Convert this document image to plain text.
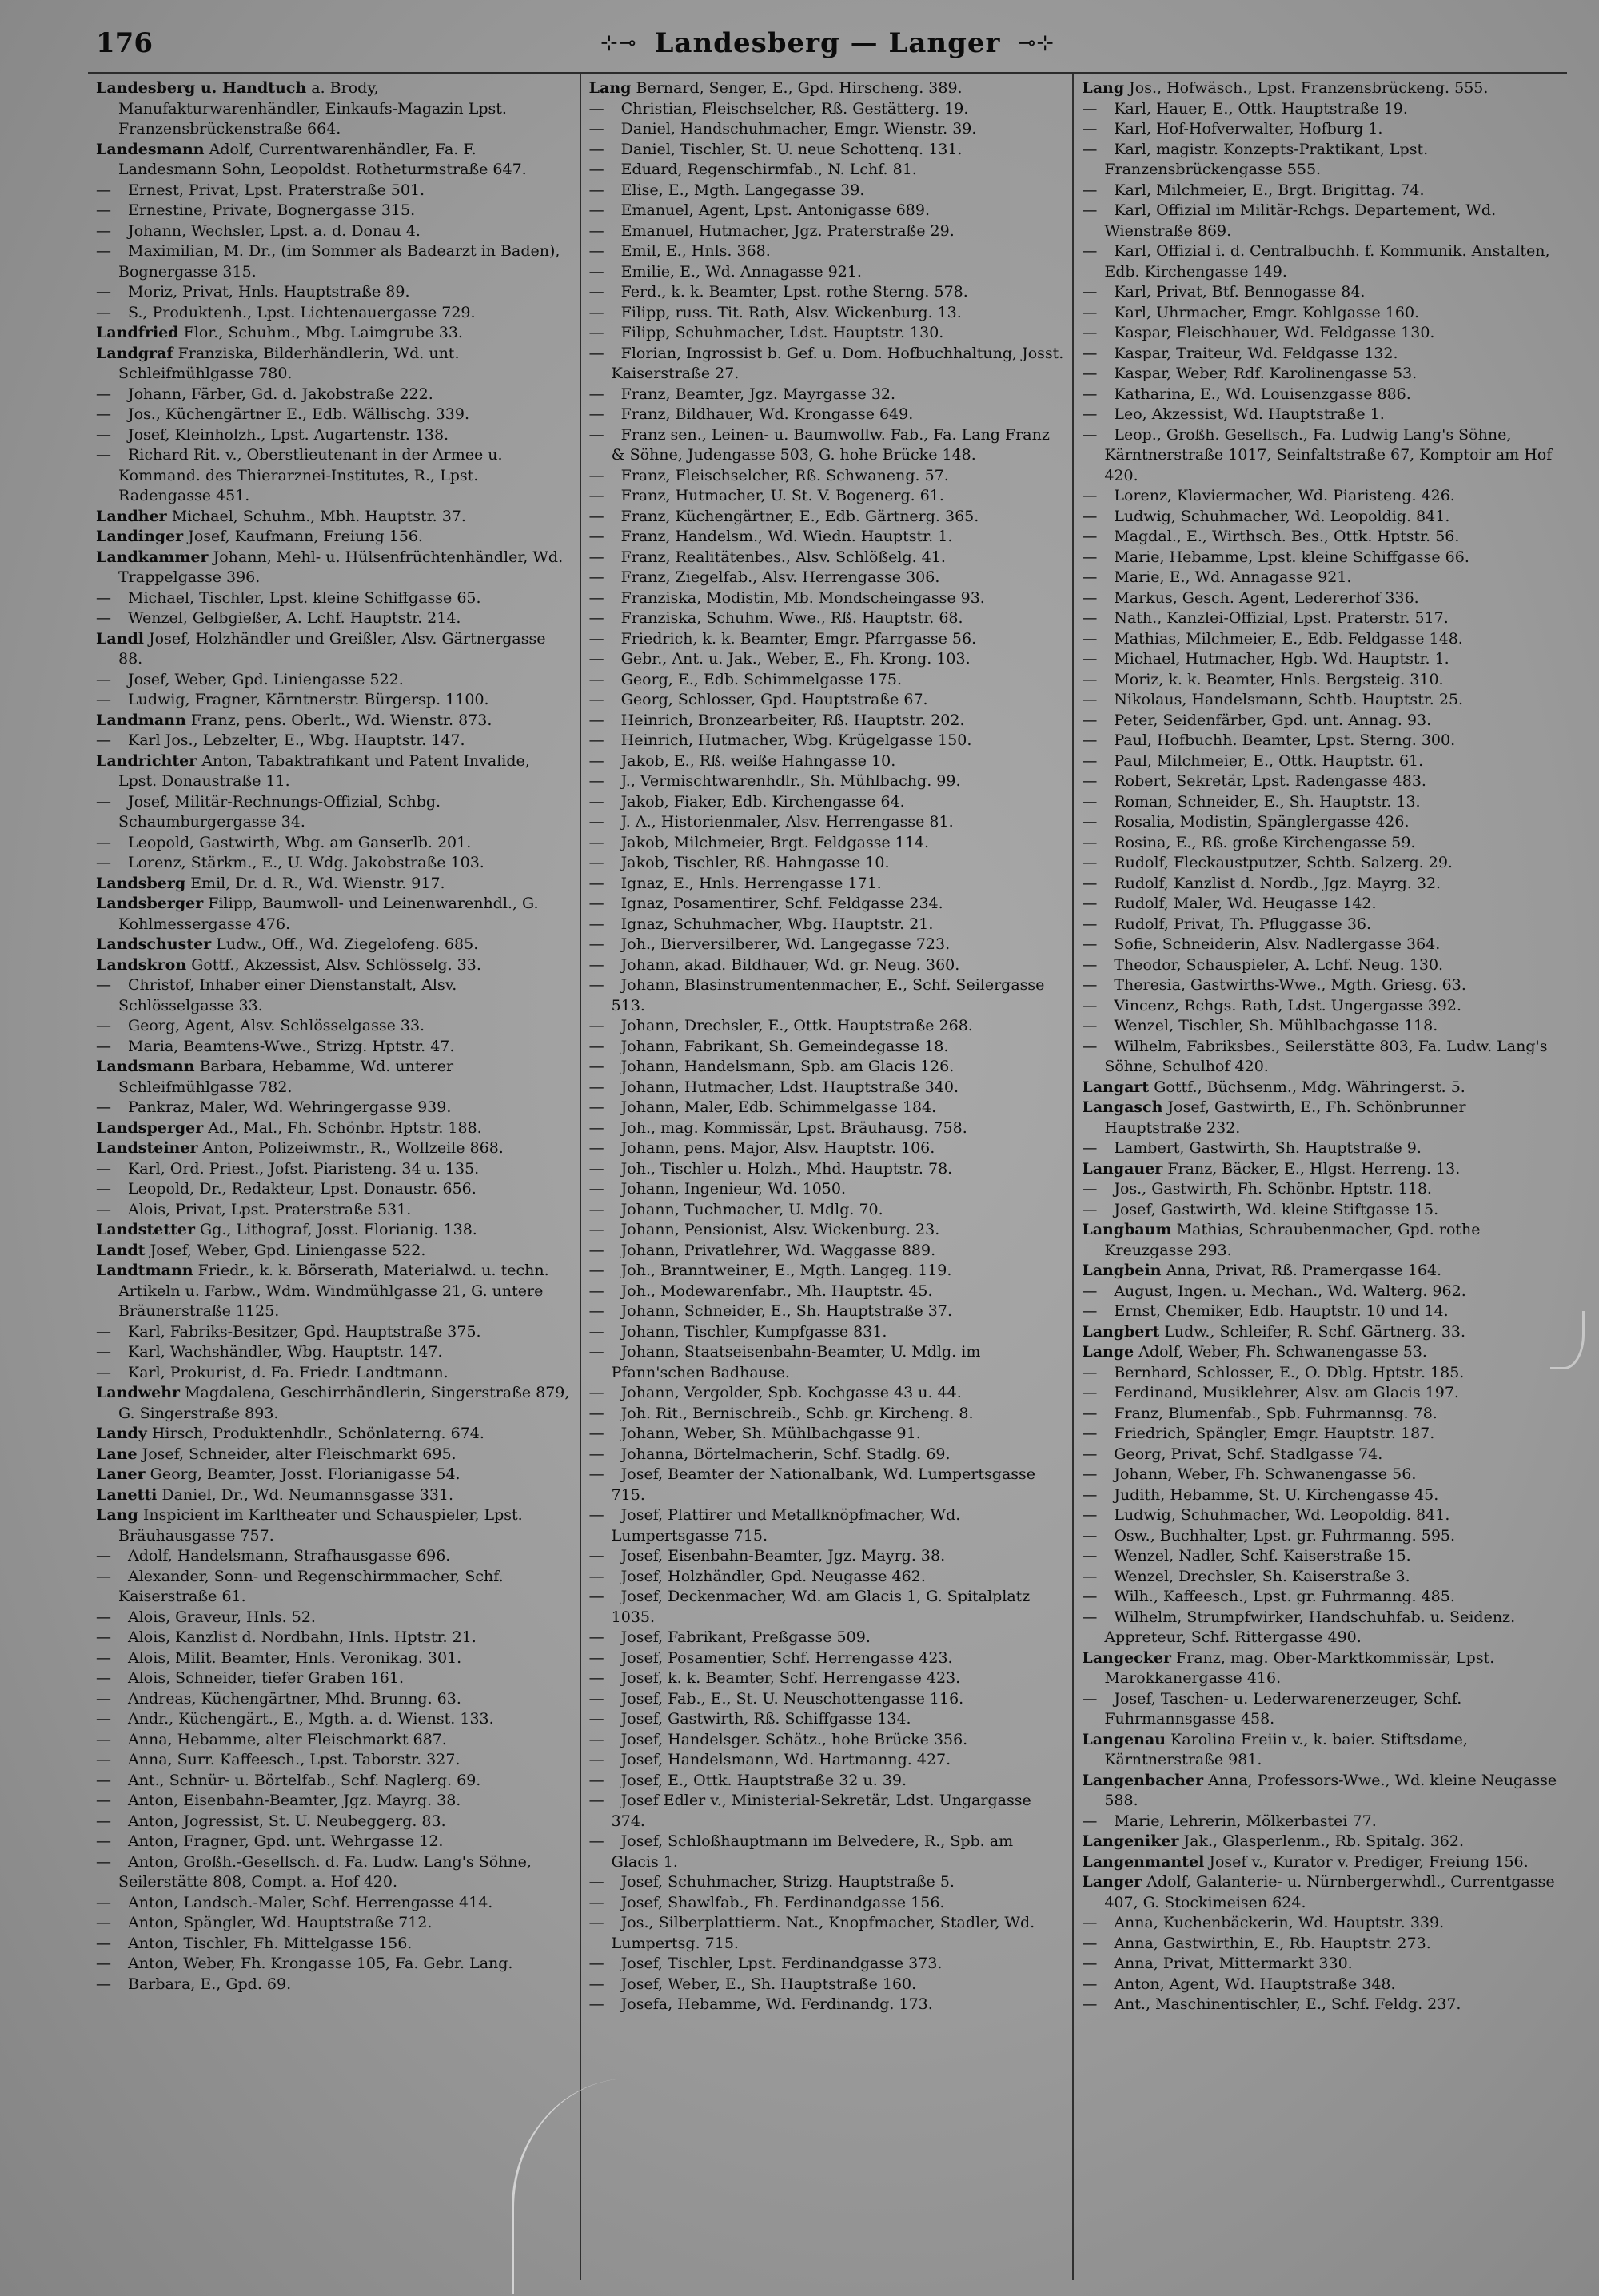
176	⊹⊸ Landesberg — Langer ⊸⊹
Landesberg u. Handtuch a. Brody, Manufakturwarenhändler, Einkaufs-Magazin Lpst. Franzensbrückenstraße 664.
Landesmann Adolf, Currentwarenhändler, Fa. F. Landesmann Sohn, Leopoldst. Rotheturmstraße 647.
— Ernest, Privat, Lpst. Praterstraße 501.
— Ernestine, Private, Bognergasse 315.
— Johann, Wechsler, Lpst. a. d. Donau 4.
— Maximilian, M. Dr., (im Sommer als Badearzt in Baden), Bognergasse 315.
— Moriz, Privat, Hnls. Hauptstraße 89.
— S., Produktenh., Lpst. Lichtenauergasse 729.
Landfried Flor., Schuhm., Mbg. Laimgrube 33.
Landgraf Franziska, Bilderhändlerin, Wd. unt. Schleifmühlgasse 780.
— Johann, Färber, Gd. d. Jakobstraße 222.
— Jos., Küchengärtner E., Edb. Wällischg. 339.
— Josef, Kleinholzh., Lpst. Augartenstr. 138.
— Richard Rit. v., Oberstlieutenant in der Armee u. Kommand. des Thierarznei-Institutes, R., Lpst. Radengasse 451.
Landher Michael, Schuhm., Mbh. Hauptstr. 37.
Landinger Josef, Kaufmann, Freiung 156.
Landkammer Johann, Mehl- u. Hülsenfrüchtenhändler, Wd. Trappelgasse 396.
— Michael, Tischler, Lpst. kleine Schiffgasse 65.
— Wenzel, Gelbgießer, A. Lchf. Hauptstr. 214.
Landl Josef, Holzhändler und Greißler, Alsv. Gärtnergasse 88.
— Josef, Weber, Gpd. Liniengasse 522.
— Ludwig, Fragner, Kärntnerstr. Bürgersp. 1100.
Landmann Franz, pens. Oberlt., Wd. Wienstr. 873.
— Karl Jos., Lebzelter, E., Wbg. Hauptstr. 147.
Landrichter Anton, Tabaktrafikant und Patent Invalide, Lpst. Donaustraße 11.
— Josef, Militär-Rechnungs-Offizial, Schbg. Schaumburgergasse 34.
— Leopold, Gastwirth, Wbg. am Ganserlb. 201.
— Lorenz, Stärkm., E., U. Wdg. Jakobstraße 103.
Landsberg Emil, Dr. d. R., Wd. Wienstr. 917.
Landsberger Filipp, Baumwoll- und Leinenwarenhdl., G. Kohlmessergasse 476.
Landschuster Ludw., Off., Wd. Ziegelofeng. 685.
Landskron Gottf., Akzessist, Alsv. Schlösselg. 33.
— Christof, Inhaber einer Dienstanstalt, Alsv. Schlösselgasse 33.
— Georg, Agent, Alsv. Schlösselgasse 33.
— Maria, Beamtens-Wwe., Strizg. Hptstr. 47.
Landsmann Barbara, Hebamme, Wd. unterer Schleifmühlgasse 782.
— Pankraz, Maler, Wd. Wehringergasse 939.
Landsperger Ad., Mal., Fh. Schönbr. Hptstr. 188.
Landsteiner Anton, Polizeiwmstr., R., Wollzeile 868.
— Karl, Ord. Priest., Jofst. Piaristeng. 34 u. 135.
— Leopold, Dr., Redakteur, Lpst. Donaustr. 656.
— Alois, Privat, Lpst. Praterstraße 531.
Landstetter Gg., Lithograf, Josst. Florianig. 138.
Landt Josef, Weber, Gpd. Liniengasse 522.
Landtmann Friedr., k. k. Börserath, Materialwd. u. techn. Artikeln u. Farbw., Wdm. Windmühlgasse 21, G. untere Bräunerstraße 1125.
— Karl, Fabriks-Besitzer, Gpd. Hauptstraße 375.
— Karl, Wachshändler, Wbg. Hauptstr. 147.
— Karl, Prokurist, d. Fa. Friedr. Landtmann.
Landwehr Magdalena, Geschirrhändlerin, Singerstraße 879, G. Singerstraße 893.
Landy Hirsch, Produktenhdlr., Schönlaterng. 674.
Lane Josef, Schneider, alter Fleischmarkt 695.
Laner Georg, Beamter, Josst. Florianigasse 54.
Lanetti Daniel, Dr., Wd. Neumannsgasse 331.
Lang Inspicient im Karltheater und Schauspieler, Lpst. Bräuhausgasse 757.
— Adolf, Handelsmann, Strafhausgasse 696.
— Alexander, Sonn- und Regenschirmmacher, Schf. Kaiserstraße 61.
— Alois, Graveur, Hnls. 52.
— Alois, Kanzlist d. Nordbahn, Hnls. Hptstr. 21.
— Alois, Milit. Beamter, Hnls. Veronikag. 301.
— Alois, Schneider, tiefer Graben 161.
— Andreas, Küchengärtner, Mhd. Brunng. 63.
— Andr., Küchengärt., E., Mgth. a. d. Wienst. 133.
— Anna, Hebamme, alter Fleischmarkt 687.
— Anna, Surr. Kaffeesch., Lpst. Taborstr. 327.
— Ant., Schnür- u. Börtelfab., Schf. Naglerg. 69.
— Anton, Eisenbahn-Beamter, Jgz. Mayrg. 38.
— Anton, Jogressist, St. U. Neubeggerg. 83.
— Anton, Fragner, Gpd. unt. Wehrgasse 12.
— Anton, Großh.-Gesellsch. d. Fa. Ludw. Lang's Söhne, Seilerstätte 808, Compt. a. Hof 420.
— Anton, Landsch.-Maler, Schf. Herrengasse 414.
— Anton, Spängler, Wd. Hauptstraße 712.
— Anton, Tischler, Fh. Mittelgasse 156.
— Anton, Weber, Fh. Krongasse 105, Fa. Gebr. Lang.
— Barbara, E., Gpd. 69.
Lang Bernard, Senger, E., Gpd. Hirscheng. 389.
— Christian, Fleischselcher, Rß. Gestätterg. 19.
— Daniel, Handschuhmacher, Emgr. Wienstr. 39.
— Daniel, Tischler, St. U. neue Schottenq. 131.
— Eduard, Regenschirmfab., N. Lchf. 81.
— Elise, E., Mgth. Langegasse 39.
— Emanuel, Agent, Lpst. Antonigasse 689.
— Emanuel, Hutmacher, Jgz. Praterstraße 29.
— Emil, E., Hnls. 368.
— Emilie, E., Wd. Annagasse 921.
— Ferd., k. k. Beamter, Lpst. rothe Sterng. 578.
— Filipp, russ. Tit. Rath, Alsv. Wickenburg. 13.
— Filipp, Schuhmacher, Ldst. Hauptstr. 130.
— Florian, Ingrossist b. Gef. u. Dom. Hofbuchhaltung, Josst. Kaiserstraße 27.
— Franz, Beamter, Jgz. Mayrgasse 32.
— Franz, Bildhauer, Wd. Krongasse 649.
— Franz sen., Leinen- u. Baumwollw. Fab., Fa. Lang Franz & Söhne, Judengasse 503, G. hohe Brücke 148.
— Franz, Fleischselcher, Rß. Schwaneng. 57.
— Franz, Hutmacher, U. St. V. Bogenerg. 61.
— Franz, Küchengärtner, E., Edb. Gärtnerg. 365.
— Franz, Handelsm., Wd. Wiedn. Hauptstr. 1.
— Franz, Realitätenbes., Alsv. Schlößelg. 41.
— Franz, Ziegelfab., Alsv. Herrengasse 306.
— Franziska, Modistin, Mb. Mondscheingasse 93.
— Franziska, Schuhm. Wwe., Rß. Hauptstr. 68.
— Friedrich, k. k. Beamter, Emgr. Pfarrgasse 56.
— Gebr., Ant. u. Jak., Weber, E., Fh. Krong. 103.
— Georg, E., Edb. Schimmelgasse 175.
— Georg, Schlosser, Gpd. Hauptstraße 67.
— Heinrich, Bronzearbeiter, Rß. Hauptstr. 202.
— Heinrich, Hutmacher, Wbg. Krügelgasse 150.
— Jakob, E., Rß. weiße Hahngasse 10.
— J., Vermischtwarenhdlr., Sh. Mühlbachg. 99.
— Jakob, Fiaker, Edb. Kirchengasse 64.
— J. A., Historienmaler, Alsv. Herrengasse 81.
— Jakob, Milchmeier, Brgt. Feldgasse 114.
— Jakob, Tischler, Rß. Hahngasse 10.
— Ignaz, E., Hnls. Herrengasse 171.
— Ignaz, Posamentirer, Schf. Feldgasse 234.
— Ignaz, Schuhmacher, Wbg. Hauptstr. 21.
— Joh., Bierversilberer, Wd. Langegasse 723.
— Johann, akad. Bildhauer, Wd. gr. Neug. 360.
— Johann, Blasinstrumentenmacher, E., Schf. Seilergasse 513.
— Johann, Drechsler, E., Ottk. Hauptstraße 268.
— Johann, Fabrikant, Sh. Gemeindegasse 18.
— Johann, Handelsmann, Spb. am Glacis 126.
— Johann, Hutmacher, Ldst. Hauptstraße 340.
— Johann, Maler, Edb. Schimmelgasse 184.
— Joh., mag. Kommissär, Lpst. Bräuhausg. 758.
— Johann, pens. Major, Alsv. Hauptstr. 106.
— Joh., Tischler u. Holzh., Mhd. Hauptstr. 78.
— Johann, Ingenieur, Wd. 1050.
— Johann, Tuchmacher, U. Mdlg. 70.
— Johann, Pensionist, Alsv. Wickenburg. 23.
— Johann, Privatlehrer, Wd. Waggasse 889.
— Joh., Branntweiner, E., Mgth. Langeg. 119.
— Joh., Modewarenfabr., Mh. Hauptstr. 45.
— Johann, Schneider, E., Sh. Hauptstraße 37.
— Johann, Tischler, Kumpfgasse 831.
— Johann, Staatseisenbahn-Beamter, U. Mdlg. im Pfann'schen Badhause.
— Johann, Vergolder, Spb. Kochgasse 43 u. 44.
— Joh. Rit., Bernischreib., Schb. gr. Kircheng. 8.
— Johann, Weber, Sh. Mühlbachgasse 91.
— Johanna, Börtelmacherin, Schf. Stadlg. 69.
— Josef, Beamter der Nationalbank, Wd. Lumpertsgasse 715.
— Josef, Plattirer und Metallknöpfmacher, Wd. Lumpertsgasse 715.
— Josef, Eisenbahn-Beamter, Jgz. Mayrg. 38.
— Josef, Holzhändler, Gpd. Neugasse 462.
— Josef, Deckenmacher, Wd. am Glacis 1, G. Spitalplatz 1035.
— Josef, Fabrikant, Preßgasse 509.
— Josef, Posamentier, Schf. Herrengasse 423.
— Josef, k. k. Beamter, Schf. Herrengasse 423.
— Josef, Fab., E., St. U. Neuschottengasse 116.
— Josef, Gastwirth, Rß. Schiffgasse 134.
— Josef, Handelsger. Schätz., hohe Brücke 356.
— Josef, Handelsmann, Wd. Hartmanng. 427.
— Josef, E., Ottk. Hauptstraße 32 u. 39.
— Josef Edler v., Ministerial-Sekretär, Ldst. Ungargasse 374.
— Josef, Schloßhauptmann im Belvedere, R., Spb. am Glacis 1.
— Josef, Schuhmacher, Strizg. Hauptstraße 5.
— Josef, Shawlfab., Fh. Ferdinandgasse 156.
— Jos., Silberplattierm. Nat., Knopfmacher, Stadler, Wd. Lumpertsg. 715.
— Josef, Tischler, Lpst. Ferdinandgasse 373.
— Josef, Weber, E., Sh. Hauptstraße 160.
— Josefa, Hebamme, Wd. Ferdinandg. 173.
Lang Jos., Hofwäsch., Lpst. Franzensbrückeng. 555.
— Karl, Hauer, E., Ottk. Hauptstraße 19.
— Karl, Hof-Hofverwalter, Hofburg 1.
— Karl, magistr. Konzepts-Praktikant, Lpst. Franzensbrückengasse 555.
— Karl, Milchmeier, E., Brgt. Brigittag. 74.
— Karl, Offizial im Militär-Rchgs. Departement, Wd. Wienstraße 869.
— Karl, Offizial i. d. Centralbuchh. f. Kommunik. Anstalten, Edb. Kirchengasse 149.
— Karl, Privat, Btf. Bennogasse 84.
— Karl, Uhrmacher, Emgr. Kohlgasse 160.
— Kaspar, Fleischhauer, Wd. Feldgasse 130.
— Kaspar, Traiteur, Wd. Feldgasse 132.
— Kaspar, Weber, Rdf. Karolinengasse 53.
— Katharina, E., Wd. Louisenzgasse 886.
— Leo, Akzessist, Wd. Hauptstraße 1.
— Leop., Großh. Gesellsch., Fa. Ludwig Lang's Söhne, Kärntnerstraße 1017, Seinfaltstraße 67, Komptoir am Hof 420.
— Lorenz, Klaviermacher, Wd. Piaristeng. 426.
— Ludwig, Schuhmacher, Wd. Leopoldig. 841.
— Magdal., E., Wirthsch. Bes., Ottk. Hptstr. 56.
— Marie, Hebamme, Lpst. kleine Schiffgasse 66.
— Marie, E., Wd. Annagasse 921.
— Markus, Gesch. Agent, Ledererhof 336.
— Nath., Kanzlei-Offizial, Lpst. Praterstr. 517.
— Mathias, Milchmeier, E., Edb. Feldgasse 148.
— Michael, Hutmacher, Hgb. Wd. Hauptstr. 1.
— Moriz, k. k. Beamter, Hnls. Bergsteig. 310.
— Nikolaus, Handelsmann, Schtb. Hauptstr. 25.
— Peter, Seidenfärber, Gpd. unt. Annag. 93.
— Paul, Hofbuchh. Beamter, Lpst. Sterng. 300.
— Paul, Milchmeier, E., Ottk. Hauptstr. 61.
— Robert, Sekretär, Lpst. Radengasse 483.
— Roman, Schneider, E., Sh. Hauptstr. 13.
— Rosalia, Modistin, Spänglergasse 426.
— Rosina, E., Rß. große Kirchengasse 59.
— Rudolf, Fleckaustputzer, Schtb. Salzerg. 29.
— Rudolf, Kanzlist d. Nordb., Jgz. Mayrg. 32.
— Rudolf, Maler, Wd. Heugasse 142.
— Rudolf, Privat, Th. Pfluggasse 36.
— Sofie, Schneiderin, Alsv. Nadlergasse 364.
— Theodor, Schauspieler, A. Lchf. Neug. 130.
— Theresia, Gastwirths-Wwe., Mgth. Griesg. 63.
— Vincenz, Rchgs. Rath, Ldst. Ungergasse 392.
— Wenzel, Tischler, Sh. Mühlbachgasse 118.
— Wilhelm, Fabriksbes., Seilerstätte 803, Fa. Ludw. Lang's Söhne, Schulhof 420.
Langart Gottf., Büchsenm., Mdg. Währingerst. 5.
Langasch Josef, Gastwirth, E., Fh. Schönbrunner Hauptstraße 232.
— Lambert, Gastwirth, Sh. Hauptstraße 9.
Langauer Franz, Bäcker, E., Hlgst. Herreng. 13.
— Jos., Gastwirth, Fh. Schönbr. Hptstr. 118.
— Josef, Gastwirth, Wd. kleine Stiftgasse 15.
Langbaum Mathias, Schraubenmacher, Gpd. rothe Kreuzgasse 293.
Langbein Anna, Privat, Rß. Pramergasse 164.
— August, Ingen. u. Mechan., Wd. Walterg. 962.
— Ernst, Chemiker, Edb. Hauptstr. 10 und 14.
Langbert Ludw., Schleifer, R. Schf. Gärtnerg. 33.
Lange Adolf, Weber, Fh. Schwanengasse 53.
— Bernhard, Schlosser, E., O. Dblg. Hptstr. 185.
— Ferdinand, Musiklehrer, Alsv. am Glacis 197.
— Franz, Blumenfab., Spb. Fuhrmannsg. 78.
— Friedrich, Spängler, Emgr. Hauptstr. 187.
— Georg, Privat, Schf. Stadlgasse 74.
— Johann, Weber, Fh. Schwanengasse 56.
— Judith, Hebamme, St. U. Kirchengasse 45.
— Ludwig, Schuhmacher, Wd. Leopoldig. 841.
— Osw., Buchhalter, Lpst. gr. Fuhrmanng. 595.
— Wenzel, Nadler, Schf. Kaiserstraße 15.
— Wenzel, Drechsler, Sh. Kaiserstraße 3.
— Wilh., Kaffeesch., Lpst. gr. Fuhrmanng. 485.
— Wilhelm, Strumpfwirker, Handschuhfab. u. Seidenz. Appreteur, Schf. Rittergasse 490.
Langecker Franz, mag. Ober-Marktkommissär, Lpst. Marokkanergasse 416.
— Josef, Taschen- u. Lederwarenerzeuger, Schf. Fuhrmannsgasse 458.
Langenau Karolina Freiin v., k. baier. Stiftsdame, Kärntnerstraße 981.
Langenbacher Anna, Professors-Wwe., Wd. kleine Neugasse 588.
— Marie, Lehrerin, Mölkerbastei 77.
Langeniker Jak., Glasperlenm., Rb. Spitalg. 362.
Langenmantel Josef v., Kurator v. Prediger, Freiung 156.
Langer Adolf, Galanterie- u. Nürnbergerwhdl., Currentgasse 407, G. Stockimeisen 624.
— Anna, Kuchenbäckerin, Wd. Hauptstr. 339.
— Anna, Gastwirthin, E., Rb. Hauptstr. 273.
— Anna, Privat, Mittermarkt 330.
— Anton, Agent, Wd. Hauptstraße 348.
— Ant., Maschinentischler, E., Schf. Feldg. 237.
